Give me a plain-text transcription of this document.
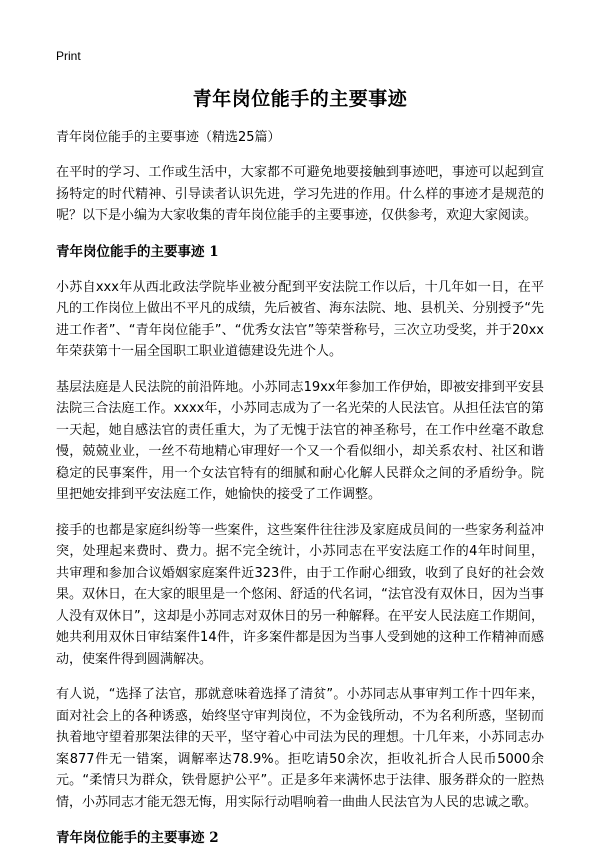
Print
青年岗位能手的主要事迹
青年岗位能手的主要事迹（精选25篇）

在平时的学习、工作或生活中，大家都不可避免地要接触到事迹吧，事迹可以起到宣扬特定的时代精神、引导读者认识先进，学习先进的作用。什么样的事迹才是规范的呢？以下是小编为大家收集的青年岗位能手的主要事迹，仅供参考，欢迎大家阅读。

青年岗位能手的主要事迹 1

小苏自xxx年从西北政法学院毕业被分配到平安法院工作以后，十几年如一日，在平凡的工作岗位上做出不平凡的成绩，先后被省、海东法院、地、县机关、分别授予“先进工作者”、“青年岗位能手”、“优秀女法官”等荣誉称号，三次立功受奖，并于20xx年荣获第十一届全国职工职业道德建设先进个人。

基层法庭是人民法院的前沿阵地。小苏同志19xx年参加工作伊始，即被安排到平安县法院三合法庭工作。xxxx年，小苏同志成为了一名光荣的人民法官。从担任法官的第一天起，她自感法官的责任重大，为了无愧于法官的神圣称号，在工作中丝毫不敢怠慢，兢兢业业，一丝不苟地精心审理好一个又一个看似细小，却关系农村、社区和谐稳定的民事案件，用一个女法官特有的细腻和耐心化解人民群众之间的矛盾纷争。院里把她安排到平安法庭工作，她愉快的接受了工作调整。

接手的也都是家庭纠纷等一些案件，这些案件往往涉及家庭成员间的一些家务利益冲突，处理起来费时、费力。据不完全统计，小苏同志在平安法庭工作的4年时间里，共审理和参加合议婚姻家庭案件近323件，由于工作耐心细致，收到了良好的社会效果。双休日，在大家的眼里是一个悠闲、舒适的代名词，“法官没有双休日，因为当事人没有双休日”，这却是小苏同志对双休日的另一种解释。在平安人民法庭工作期间，她共利用双休日审结案件14件，许多案件都是因为当事人受到她的这种工作精神而感动，使案件得到圆满解决。

有人说，“选择了法官，那就意味着选择了清贫”。小苏同志从事审判工作十四年来，面对社会上的各种诱惑，始终坚守审判岗位，不为金钱所动，不为名利所惑，坚韧而执着地守望着那架法律的天平，坚守着心中司法为民的理想。十几年来，小苏同志办案877件无一错案，调解率达78.9%。拒吃请50余次，拒收礼折合人民币5000余元。“柔情只为群众，铁骨愿护公平”。正是多年来满怀忠于法律、服务群众的一腔热情，小苏同志才能无怨无悔，用实际行动唱响着一曲曲人民法官为人民的忠诚之歌。

青年岗位能手的主要事迹 2
